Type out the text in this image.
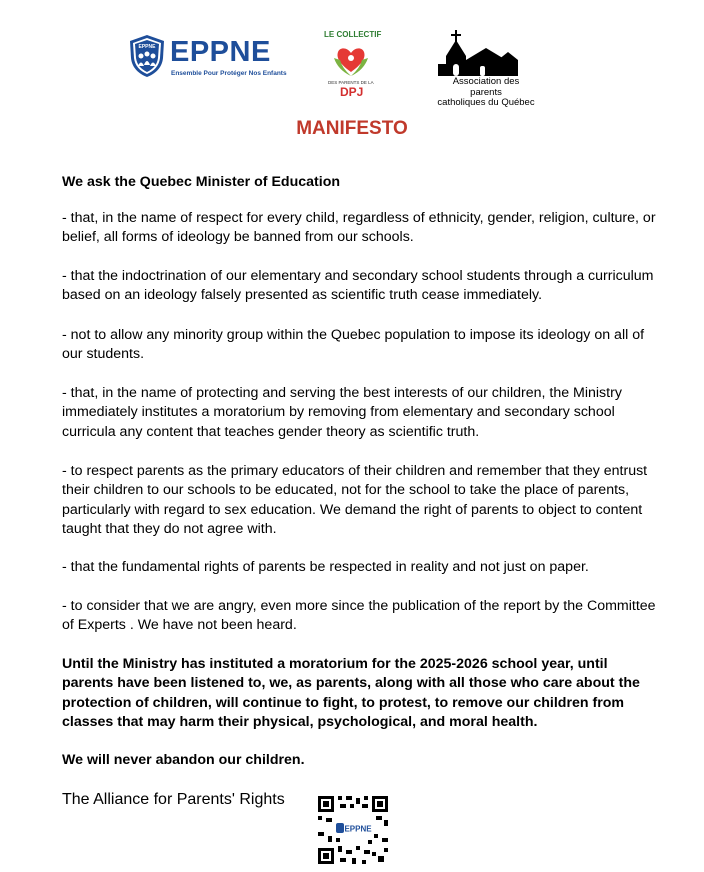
EPPNE EPPNE
Ensemble Pour Protéger Nos Enfants
LE COLLECTIF
DES PARENTS DE LA
DPJ
Association des parents
catholiques du Québec
MANIFESTO
We ask the Quebec Minister of Education
- that, in the name of respect for every child, regardless of ethnicity, gender, religion, culture, or belief, all forms of ideology be banned from our schools.
- that the indoctrination of our elementary and secondary school students through a curriculum based on an ideology falsely presented as scientific truth cease immediately.
- not to allow any minority group within the Quebec population to impose its ideology on all of our students.
- that, in the name of protecting and serving the best interests of our children, the Ministry immediately institutes a moratorium by removing from elementary and secondary school curricula any content that teaches gender theory as scientific truth.
- to respect parents as the primary educators of their children and remember that they entrust their children to our schools to be educated, not for the school to take the place of parents, particularly with regard to sex education. We demand the right of parents to object to content taught that they do not agree with.
- that the fundamental rights of parents be respected in reality and not just on paper.
- to consider that we are angry, even more since the publication of the report by the Committee of Experts . We have not been heard.
Until the Ministry has instituted a moratorium for the 2025-2026 school year, until parents have been listened to, we, as parents, along with all those who care about the protection of children, will continue to fight, to protest, to remove our children from classes that may harm their physical, psychological, and moral health.
We will never abandon our children.
The Alliance for Parents' Rights
EPPNE
